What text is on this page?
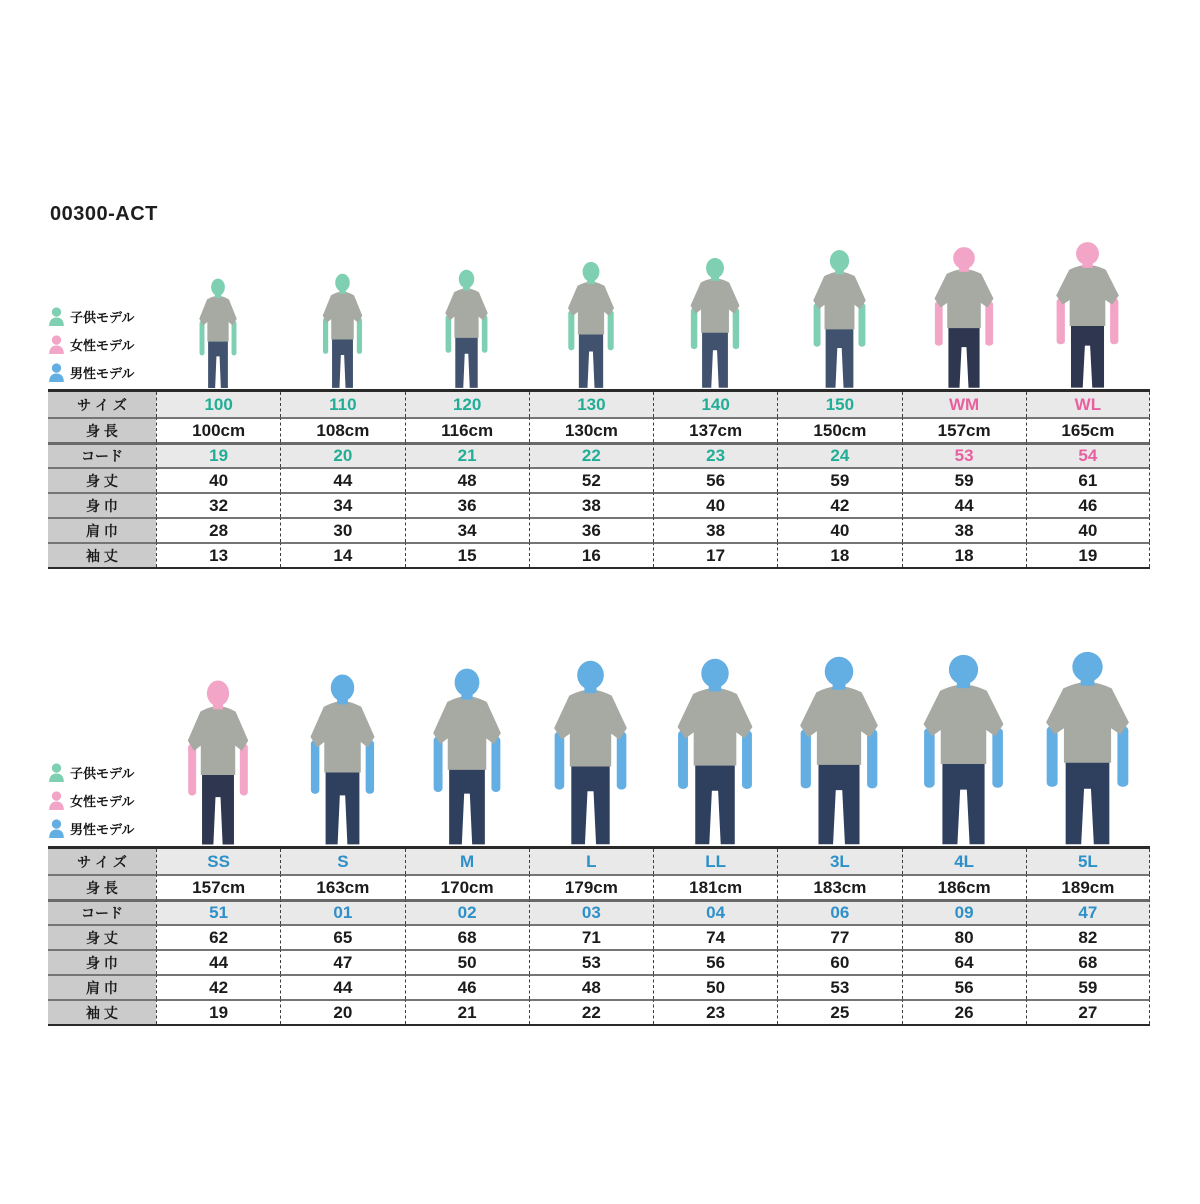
00300-ACT
子供モデル
女性モデル
男性モデル
サ イ ズ	100	110	120	130	140	150	WM	WL
身 長	100cm	108cm	116cm	130cm	137cm	150cm	157cm	165cm
コード	19	20	21	22	23	24	53	54
身 丈	40	44	48	52	56	59	59	61
身 巾	32	34	36	38	40	42	44	46
肩 巾	28	30	34	36	38	40	38	40
袖 丈	13	14	15	16	17	18	18	19
子供モデル
女性モデル
男性モデル
サ イ ズ	SS	S	M	L	LL	3L	4L	5L
身 長	157cm	163cm	170cm	179cm	181cm	183cm	186cm	189cm
コード	51	01	02	03	04	06	09	47
身 丈	62	65	68	71	74	77	80	82
身 巾	44	47	50	53	56	60	64	68
肩 巾	42	44	46	48	50	53	56	59
袖 丈	19	20	21	22	23	25	26	27
